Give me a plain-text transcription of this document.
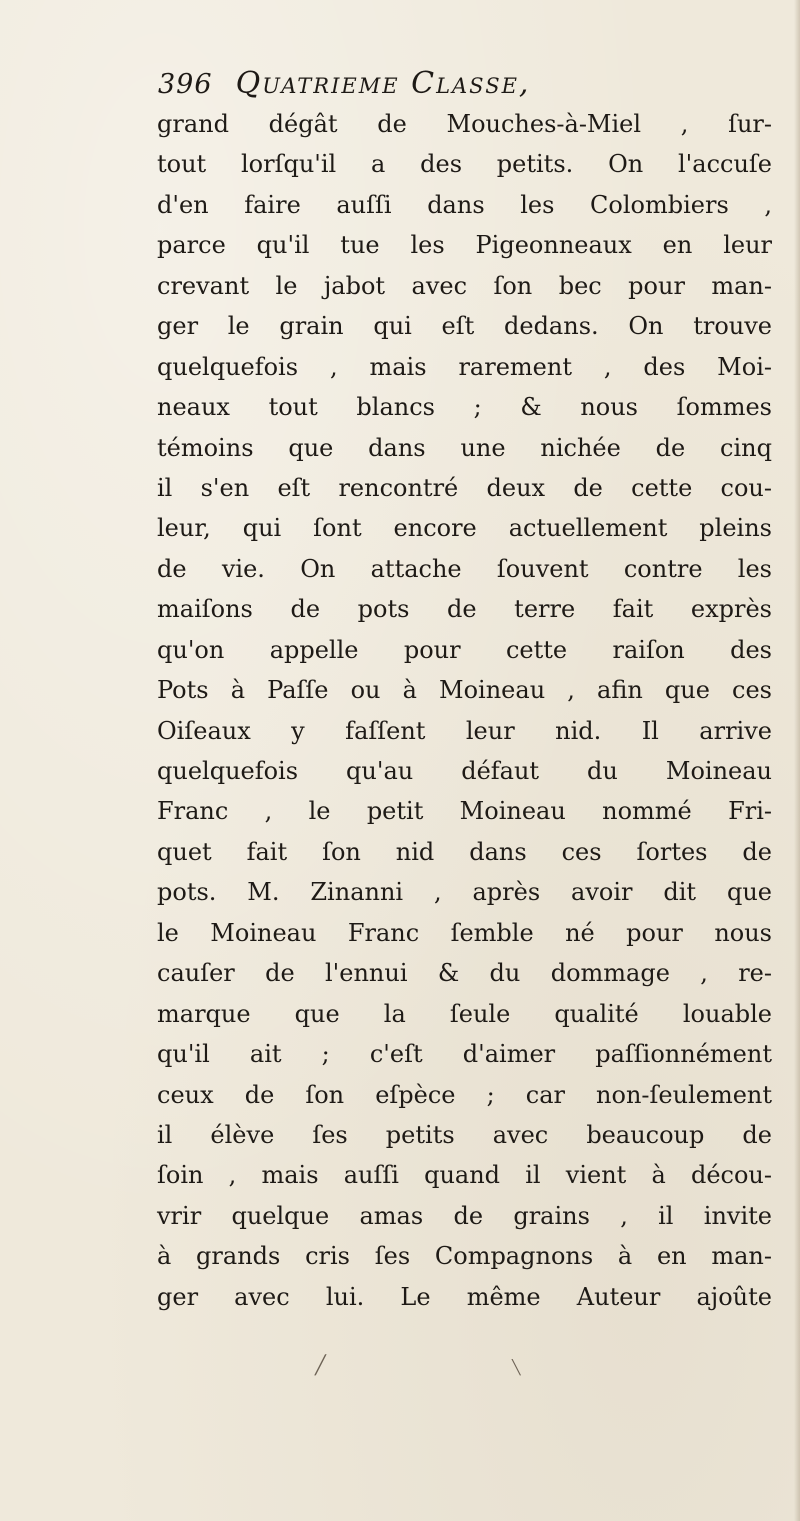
396 Quatrieme Classe,
grand dégât de Mouches-à-Miel , ſur-
tout lorſqu'il a des petits. On l'accuſe
d'en faire auſſi dans les Colombiers ,
parce qu'il tue les Pigeonneaux en leur
crevant le jabot avec ſon bec pour man-
ger le grain qui eſt dedans. On trouve
quelquefois , mais rarement , des Moi-
neaux tout blancs ; & nous ſommes
témoins que dans une nichée de cinq
il s'en eſt rencontré deux de cette cou-
leur, qui ſont encore actuellement pleins
de vie. On attache ſouvent contre les
maiſons de pots de terre fait exprès
qu'on appelle pour cette raiſon des
Pots à Paſſe ou à Moineau , afin que ces
Oiſeaux y faſſent leur nid. Il arrive
quelquefois qu'au défaut du Moineau
Franc , le petit Moineau nommé Fri-
quet fait ſon nid dans ces ſortes de
pots. M. Zinanni , après avoir dit que
le Moineau Franc ſemble né pour nous
cauſer de l'ennui & du dommage , re-
marque que la ſeule qualité louable
qu'il ait ; c'eſt d'aimer paſſionnément
ceux de ſon eſpèce ; car non-ſeulement
il élève ſes petits avec beaucoup de
ſoin , mais auſſi quand il vient à décou-
vrir quelque amas de grains , il invite
à grands cris ſes Compagnons à en man-
ger avec lui. Le même Auteur ajoûte
╱	╲
